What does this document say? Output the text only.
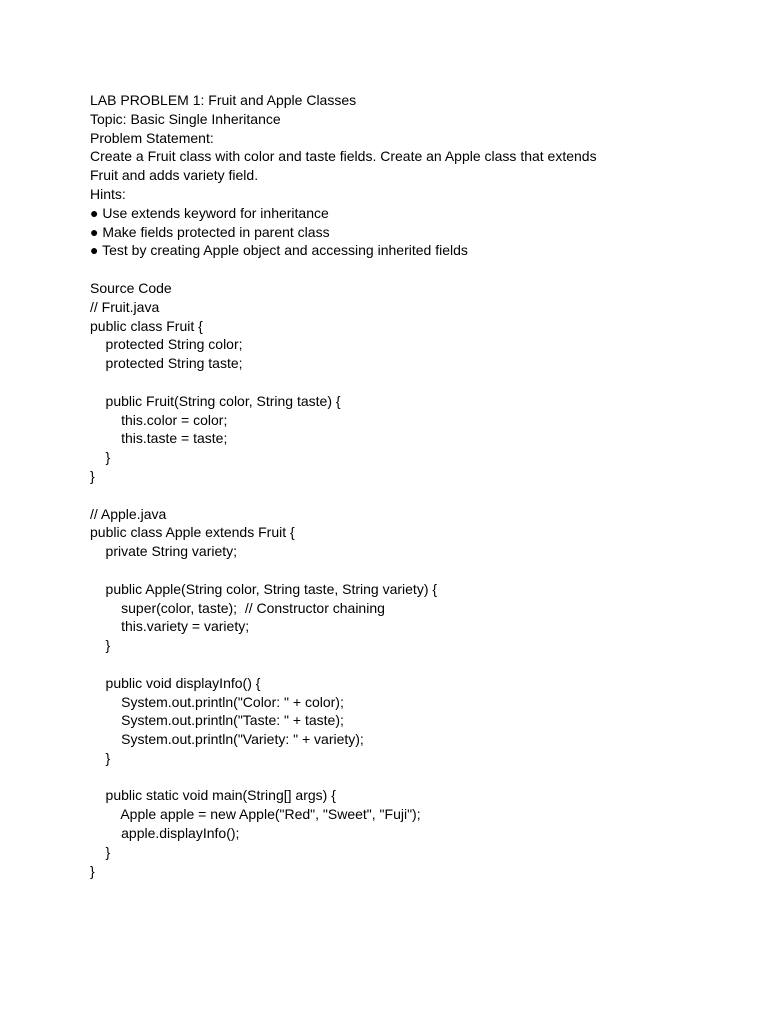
LAB PROBLEM 1: Fruit and Apple Classes
Topic: Basic Single Inheritance
Problem Statement:
Create a Fruit class with color and taste fields. Create an Apple class that extends
Fruit and adds variety field.
Hints:
● Use extends keyword for inheritance
● Make fields protected in parent class
● Test by creating Apple object and accessing inherited fields
Source Code
// Fruit.java
public class Fruit {
protected String color;
protected String taste;
public Fruit(String color, String taste) {
this.color = color;
this.taste = taste;
}
}
// Apple.java
public class Apple extends Fruit {
private String variety;
public Apple(String color, String taste, String variety) {
super(color, taste);  // Constructor chaining
this.variety = variety;
}
public void displayInfo() {
System.out.println("Color: " + color);
System.out.println("Taste: " + taste);
System.out.println("Variety: " + variety);
}
public static void main(String[] args) {
Apple apple = new Apple("Red", "Sweet", "Fuji");
apple.displayInfo();
}
}
